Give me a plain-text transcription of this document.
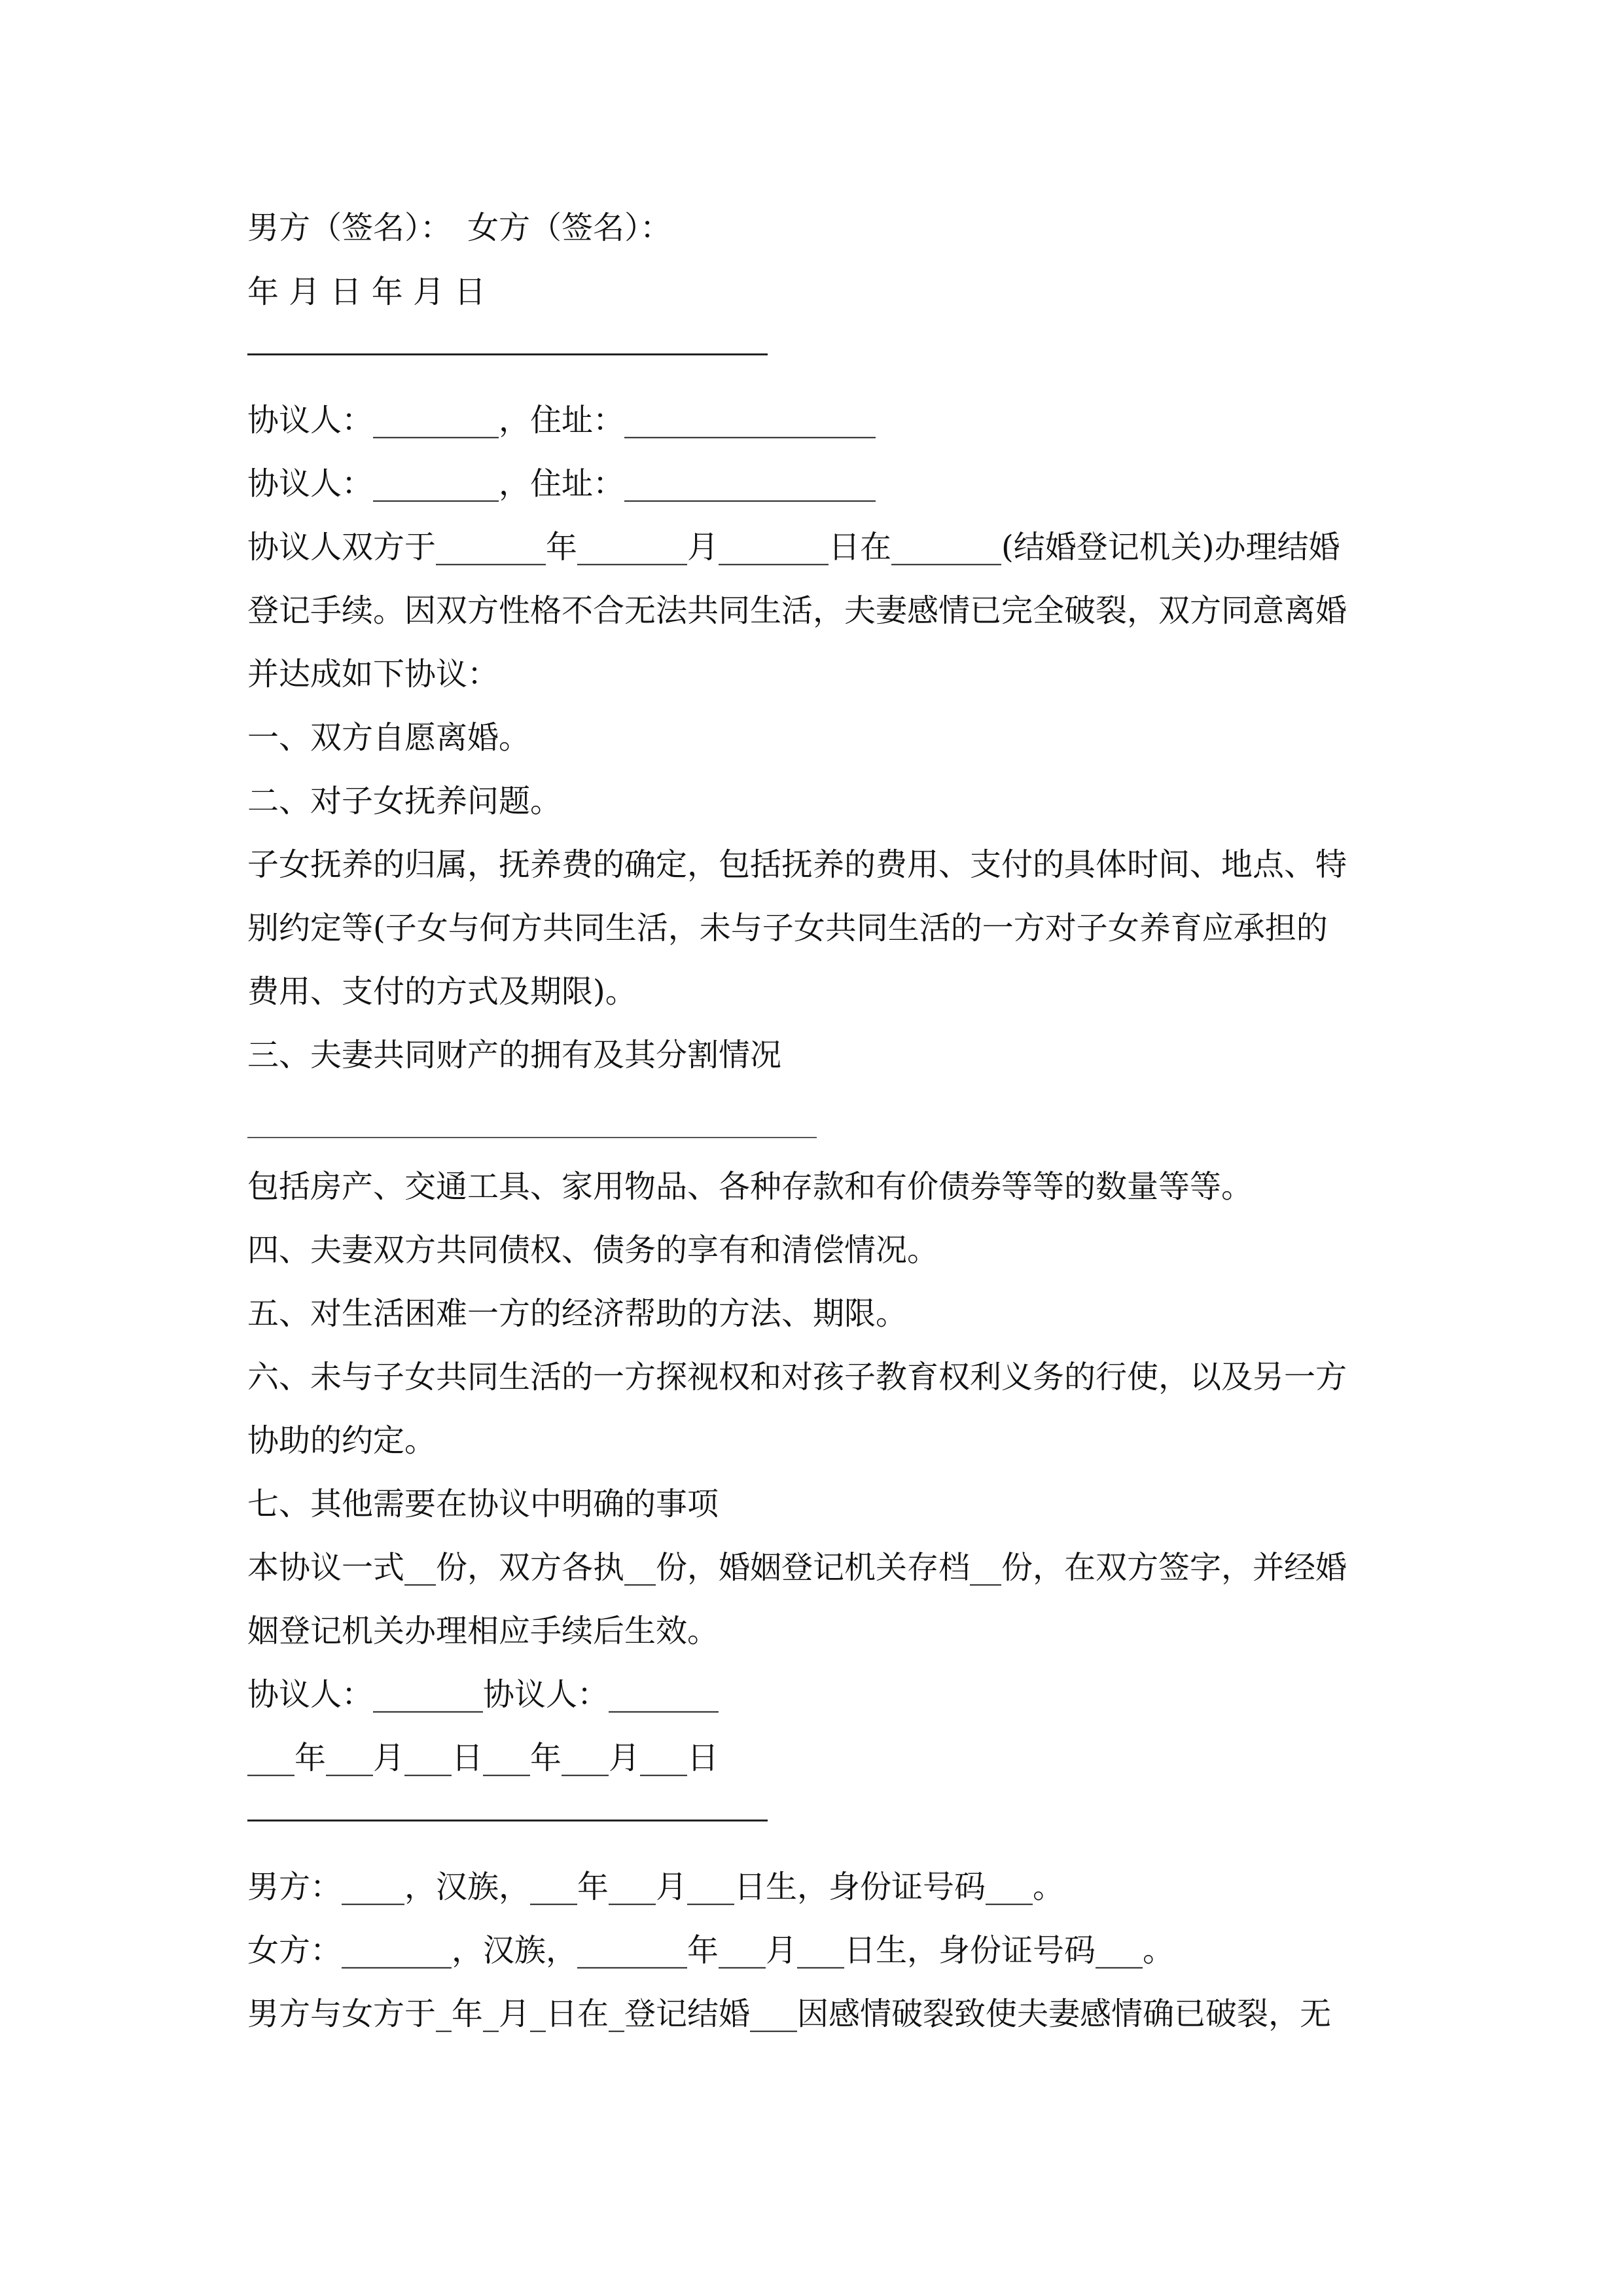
男方（签名）：　女方（签名）：
年 月 日 年 月 日
协议人：________，住址：________________
协议人：________，住址：________________
协议人双方于_______年_______月_______日在_______(结婚登记机关)办理结婚
登记手续。因双方性格不合无法共同生活，夫妻感情已完全破裂，双方同意离婚
并达成如下协议：
一、双方自愿离婚。
二、对子女抚养问题。
子女抚养的归属，抚养费的确定，包括抚养的费用、支付的具体时间、地点、特
别约定等(子女与何方共同生活，未与子女共同生活的一方对子女养育应承担的
费用、支付的方式及期限)。
三、夫妻共同财产的拥有及其分割情况
包括房产、交通工具、家用物品、各种存款和有价债券等等的数量等等。
四、夫妻双方共同债权、债务的享有和清偿情况。
五、对生活困难一方的经济帮助的方法、期限。
六、未与子女共同生活的一方探视权和对孩子教育权利义务的行使，以及另一方
协助的约定。
七、其他需要在协议中明确的事项
本协议一式__份，双方各执__份，婚姻登记机关存档__份，在双方签字，并经婚
姻登记机关办理相应手续后生效。
协议人：_______协议人：_______
___年___月___日___年___月___日
男方：____，汉族，___年___月___日生，身份证号码___。
女方：_______，汉族，_______年___月___日生，身份证号码___。
男方与女方于_年_月_日在_登记结婚___因感情破裂致使夫妻感情确已破裂，无
